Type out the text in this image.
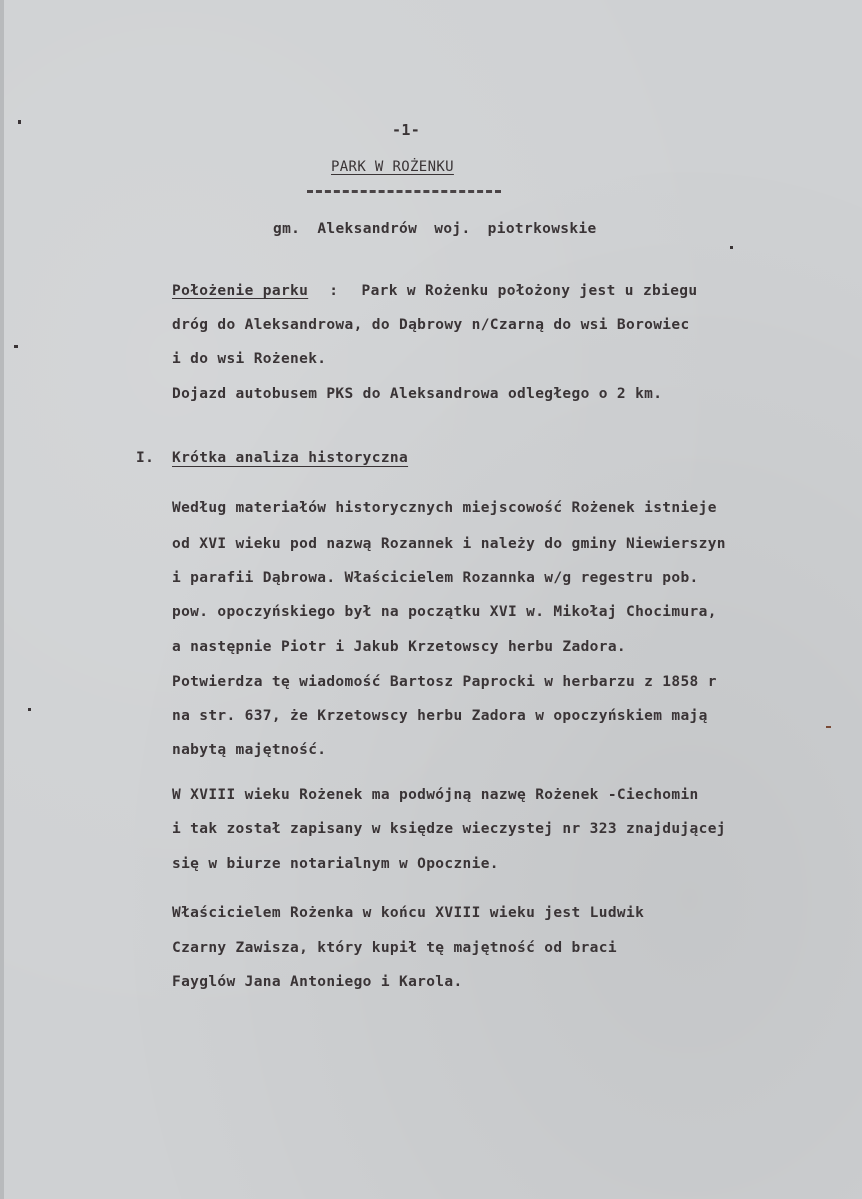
-1-
PARK W ROŻENKU
gm. Aleksandrów woj. piotrkowskie
Położenie parku : Park w Rożenku położony jest u zbiegu
dróg do Aleksandrowa, do Dąbrowy n/Czarną do wsi Borowiec
i do wsi Rożenek.
Dojazd autobusem PKS do Aleksandrowa odległego o 2 km.
I. Krótka analiza historyczna
Według materiałów historycznych miejscowość Rożenek istnieje
od XVI wieku pod nazwą Rozannek i należy do gminy Niewierszyn
i parafii Dąbrowa. Właścicielem Rozannka w/g regestru pob.
pow. opoczyńskiego był na początku XVI w. Mikołaj Chocimura,
a następnie Piotr i Jakub Krzetowscy herbu Zadora.
Potwierdza tę wiadomość Bartosz Paprocki w herbarzu z 1858 r
na str. 637, że Krzetowscy herbu Zadora w opoczyńskiem mają
nabytą majętność.
W XVIII wieku Rożenek ma podwójną nazwę Rożenek -Ciechomin
i tak został zapisany w księdze wieczystej nr 323 znajdującej
się w biurze notarialnym w Opocznie.
Właścicielem Rożenka w końcu XVIII wieku jest Ludwik
Czarny Zawisza, który kupił tę majętność od braci
Fayglów Jana Antoniego i Karola.
